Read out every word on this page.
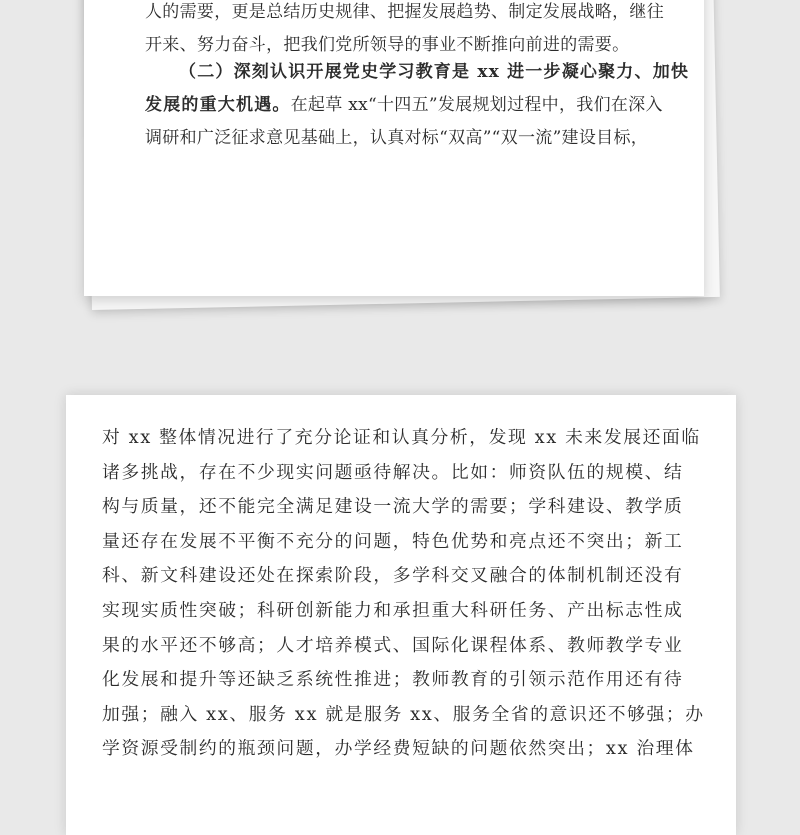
人的需要，更是总结历史规律、把握发展趋势、制定发展战略，继往
开来、努力奋斗，把我们党所领导的事业不断推向前进的需要。
（二）深刻认识开展党史学习教育是 xx 进一步凝心聚力、加快
发展的重大机遇。在起草 xx“十四五”发展规划过程中，我们在深入
调研和广泛征求意见基础上，认真对标“双高”“双一流”建设目标，
对 xx 整体情况进行了充分论证和认真分析，发现 xx 未来发展还面临
诸多挑战，存在不少现实问题亟待解决。比如：师资队伍的规模、结
构与质量，还不能完全满足建设一流大学的需要；学科建设、教学质
量还存在发展不平衡不充分的问题，特色优势和亮点还不突出；新工
科、新文科建设还处在探索阶段，多学科交叉融合的体制机制还没有
实现实质性突破；科研创新能力和承担重大科研任务、产出标志性成
果的水平还不够高；人才培养模式、国际化课程体系、教师教学专业
化发展和提升等还缺乏系统性推进；教师教育的引领示范作用还有待
加强；融入 xx、服务 xx 就是服务 xx、服务全省的意识还不够强；办
学资源受制约的瓶颈问题，办学经费短缺的问题依然突出；xx 治理体
